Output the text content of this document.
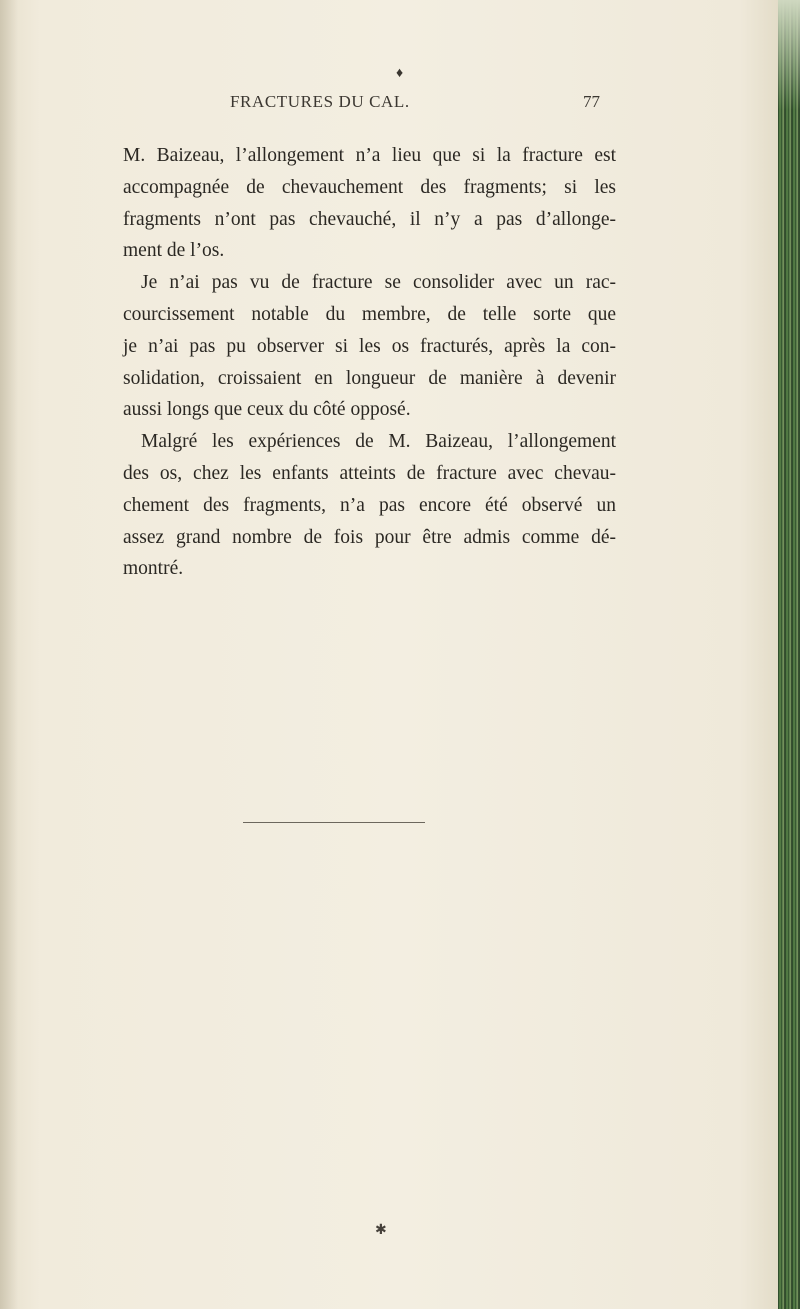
♦
FRACTURES DU CAL.	77
M. Baizeau, l’allongement n’a lieu que si la fracture est
accompagnée de chevauchement des fragments; si les
fragments n’ont pas chevauché, il n’y a pas d’allonge-
ment de l’os.
Je n’ai pas vu de fracture se consolider avec un rac-
courcissement notable du membre, de telle sorte que
je n’ai pas pu observer si les os fracturés, après la con-
solidation, croissaient en longueur de manière à devenir
aussi longs que ceux du côté opposé.
Malgré les expériences de M. Baizeau, l’allongement
des os, chez les enfants atteints de fracture avec chevau-
chement des fragments, n’a pas encore été observé un
assez grand nombre de fois pour être admis comme dé-
montré.
✱
